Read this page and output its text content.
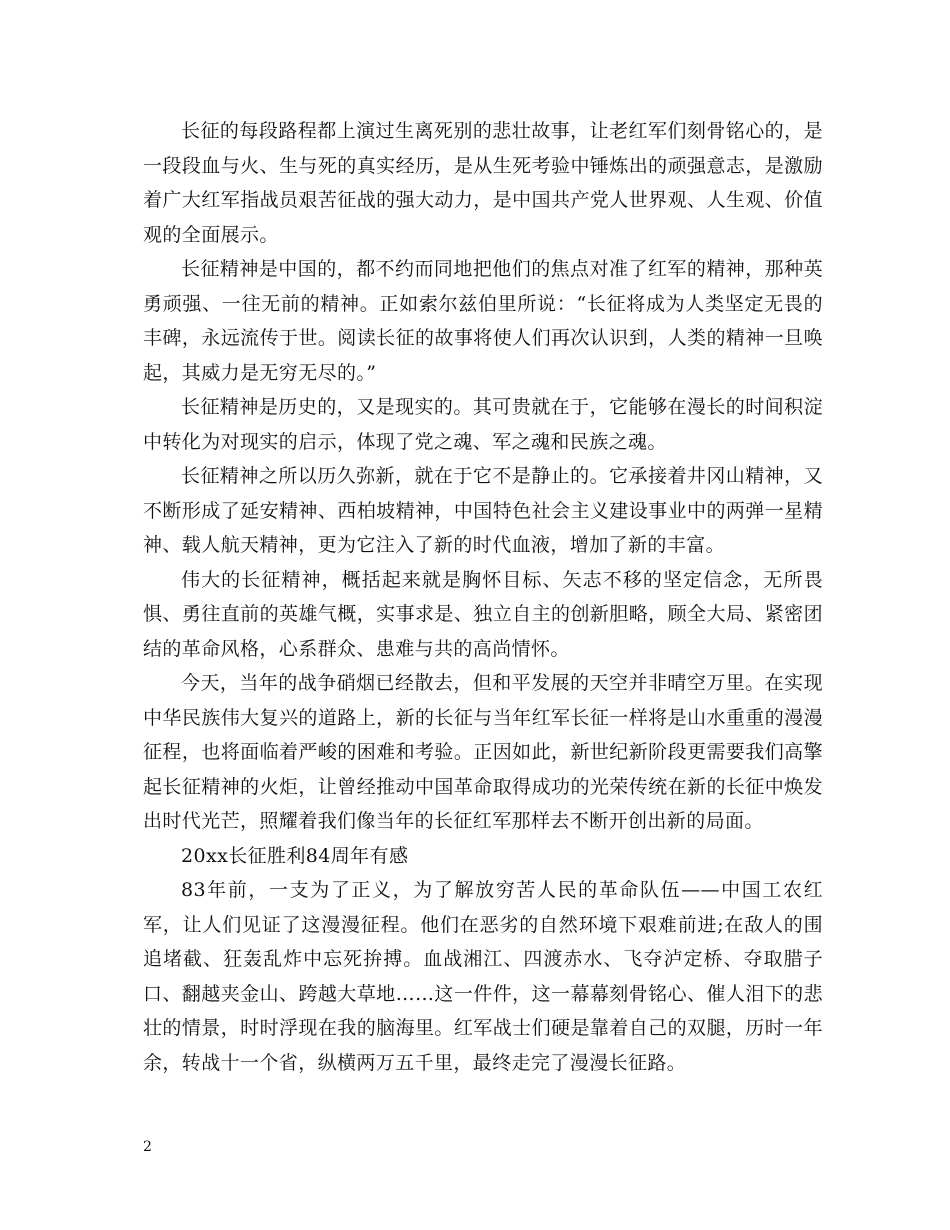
长征的每段路程都上演过生离死别的悲壮故事，让老红军们刻骨铭心的，是一段段血与火、生与死的真实经历，是从生死考验中锤炼出的顽强意志，是激励着广大红军指战员艰苦征战的强大动力，是中国共产党人世界观、人生观、价值观的全面展示。

长征精神是中国的，都不约而同地把他们的焦点对准了红军的精神，那种英勇顽强、一往无前的精神。正如索尔兹伯里所说：“长征将成为人类坚定无畏的丰碑，永远流传于世。阅读长征的故事将使人们再次认识到，人类的精神一旦唤起，其威力是无穷无尽的。”

长征精神是历史的，又是现实的。其可贵就在于，它能够在漫长的时间积淀中转化为对现实的启示，体现了党之魂、军之魂和民族之魂。

长征精神之所以历久弥新，就在于它不是静止的。它承接着井冈山精神，又不断形成了延安精神、西柏坡精神，中国特色社会主义建设事业中的两弹一星精神、载人航天精神，更为它注入了新的时代血液，增加了新的丰富。

伟大的长征精神，概括起来就是胸怀目标、矢志不移的坚定信念，无所畏惧、勇往直前的英雄气概，实事求是、独立自主的创新胆略，顾全大局、紧密团结的革命风格，心系群众、患难与共的高尚情怀。

今天，当年的战争硝烟已经散去，但和平发展的天空并非晴空万里。在实现中华民族伟大复兴的道路上，新的长征与当年红军长征一样将是山水重重的漫漫征程，也将面临着严峻的困难和考验。正因如此，新世纪新阶段更需要我们高擎起长征精神的火炬，让曾经推动中国革命取得成功的光荣传统在新的长征中焕发出时代光芒，照耀着我们像当年的长征红军那样去不断开创出新的局面。

20xx长征胜利84周年有感

83年前，一支为了正义，为了解放穷苦人民的革命队伍——中国工农红军，让人们见证了这漫漫征程。他们在恶劣的自然环境下艰难前进;在敌人的围追堵截、狂轰乱炸中忘死拚搏。血战湘江、四渡赤水、飞夺泸定桥、夺取腊子口、翻越夹金山、跨越大草地……这一件件，这一幕幕刻骨铭心、催人泪下的悲壮的情景，时时浮现在我的脑海里。红军战士们硬是靠着自己的双腿，历时一年余，转战十一个省，纵横两万五千里，最终走完了漫漫长征路。

2
